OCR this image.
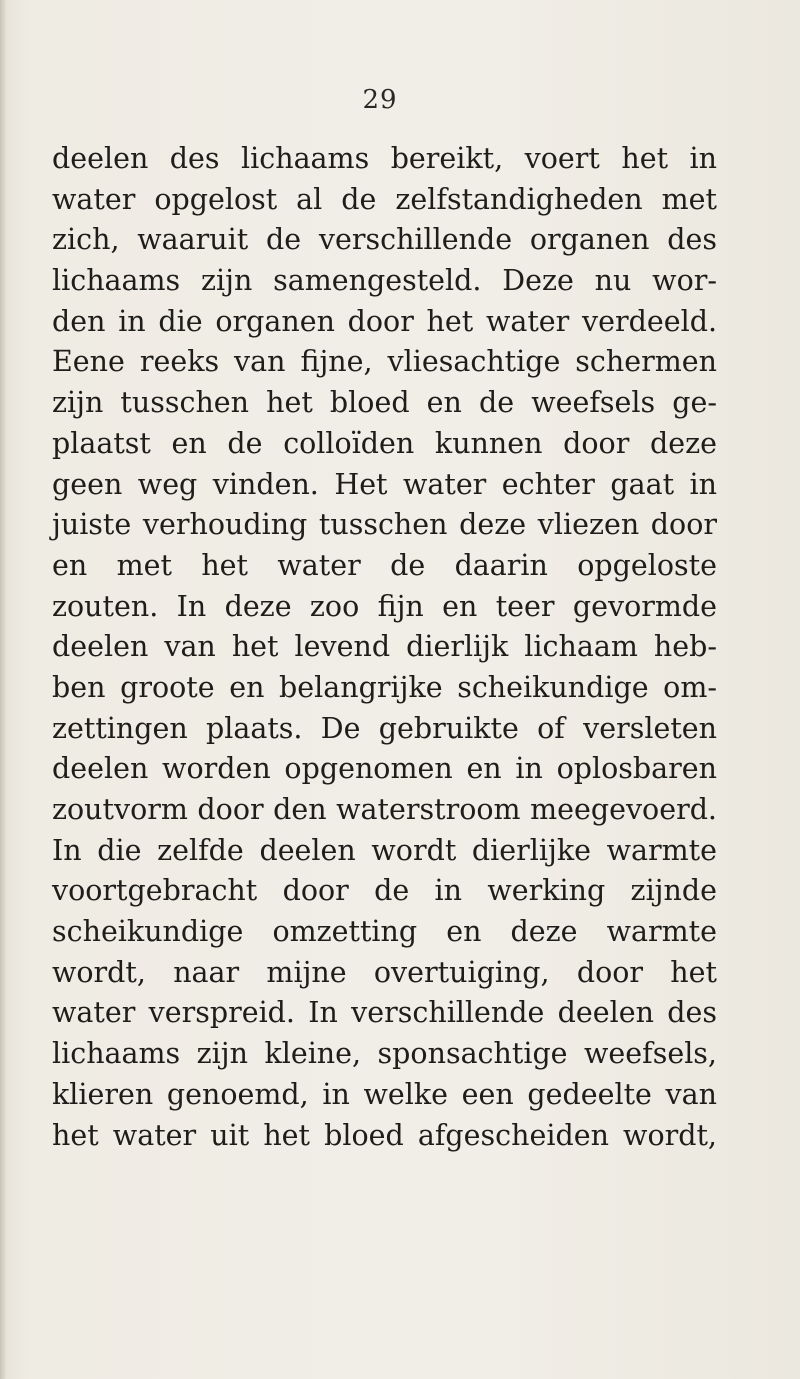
29
deelen des lichaams bereikt, voert het in
water opgelost al de zelfstandigheden met
zich, waaruit de verschillende organen des
lichaams zijn samengesteld. Deze nu wor-
den in die organen door het water verdeeld.
Eene reeks van fijne, vliesachtige schermen
zijn tusschen het bloed en de weefsels ge-
plaatst en de colloïden kunnen door deze
geen weg vinden. Het water echter gaat in
juiste verhouding tusschen deze vliezen door
en met het water de daarin opgeloste
zouten. In deze zoo fijn en teer gevormde
deelen van het levend dierlijk lichaam heb-
ben groote en belangrijke scheikundige om-
zettingen plaats. De gebruikte of versleten
deelen worden opgenomen en in oplosbaren
zoutvorm door den waterstroom meegevoerd.
In die zelfde deelen wordt dierlijke warmte
voortgebracht door de in werking zijnde
scheikundige omzetting en deze warmte
wordt, naar mijne overtuiging, door het
water verspreid. In verschillende deelen des
lichaams zijn kleine, sponsachtige weefsels,
klieren genoemd, in welke een gedeelte van
het water uit het bloed afgescheiden wordt,
